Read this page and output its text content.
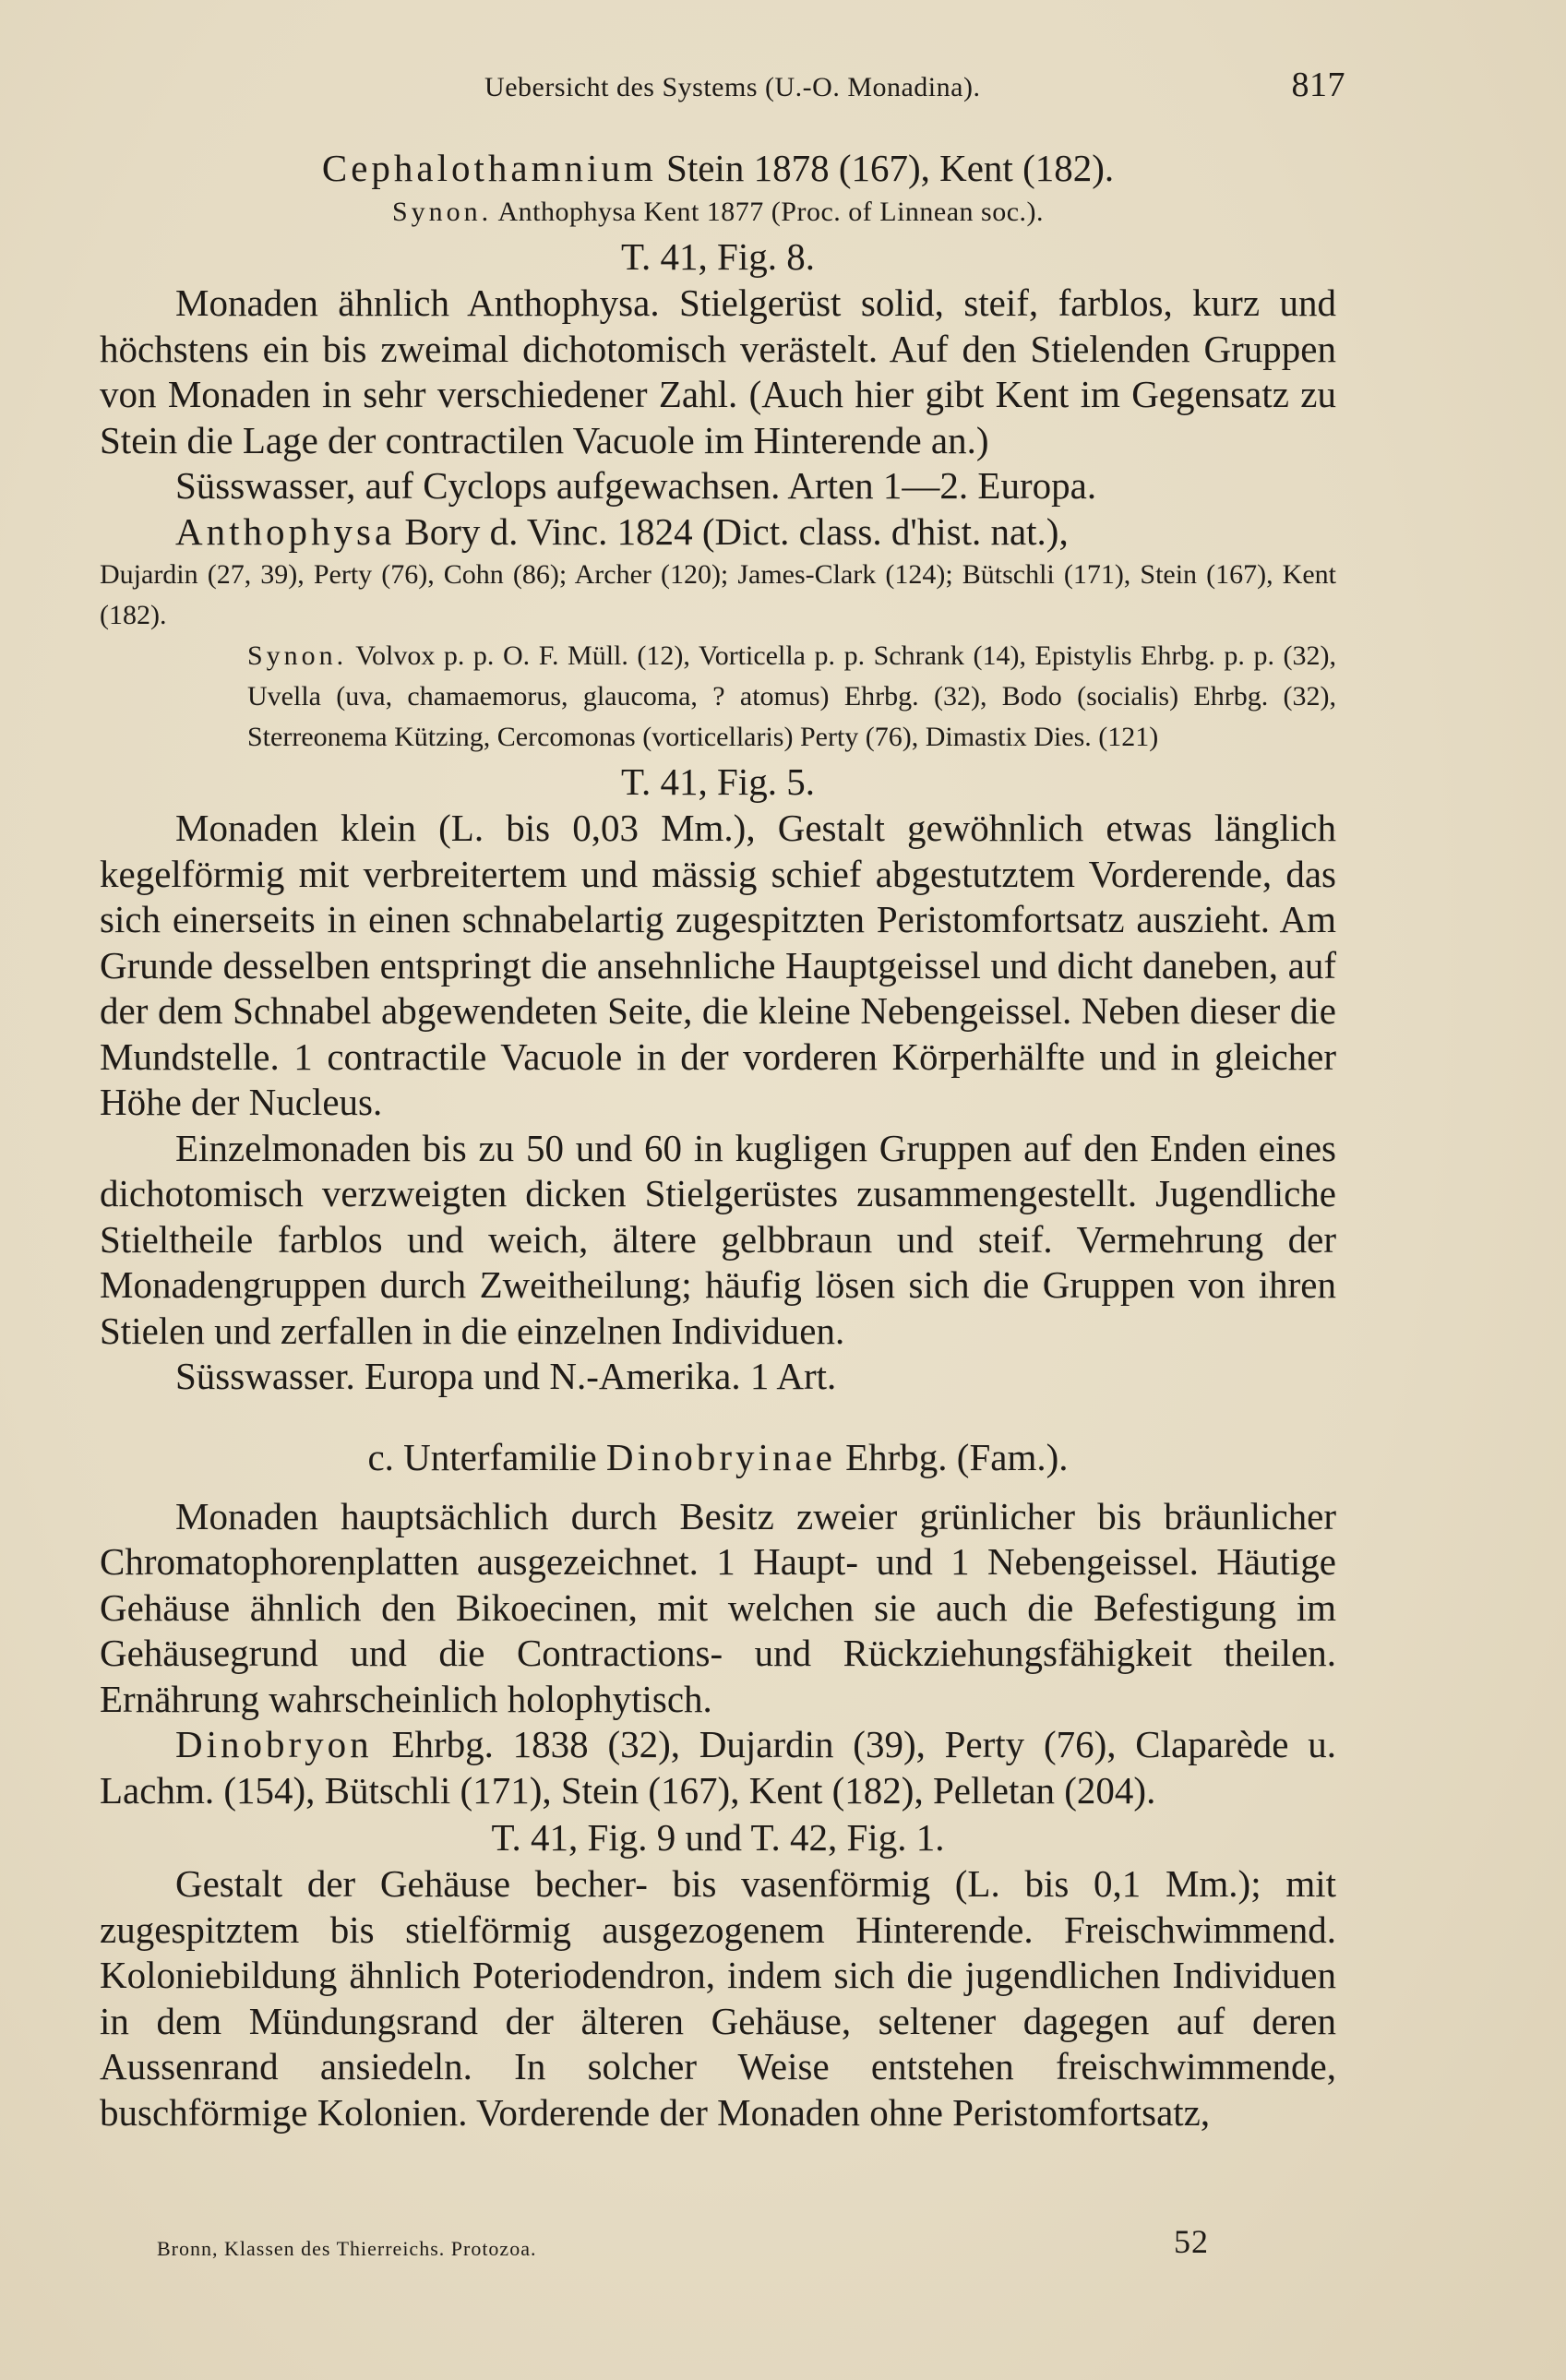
Uebersicht des Systems (U.-O. Monadina).	817
Cephalothamnium Stein 1878 (167), Kent (182).
Synon. Anthophysa Kent 1877 (Proc. of Linnean soc.).
T. 41, Fig. 8.

Monaden ähnlich Anthophysa. Stielgerüst solid, steif, farblos, kurz und höchstens ein bis zweimal dichotomisch verästelt. Auf den Stielenden Gruppen von Monaden in sehr verschiedener Zahl. (Auch hier gibt Kent im Gegensatz zu Stein die Lage der contractilen Vacuole im Hinterende an.)

Süsswasser, auf Cyclops aufgewachsen. Arten 1—2. Europa.

Anthophysa Bory d. Vinc. 1824 (Dict. class. d'hist. nat.),

Dujardin (27, 39), Perty (76), Cohn (86); Archer (120); James-Clark (124); Bütschli (171), Stein (167), Kent (182).

Synon. Volvox p. p. O. F. Müll. (12), Vorticella p. p. Schrank (14), Epistylis Ehrbg. p. p. (32), Uvella (uva, chamaemorus, glaucoma, ? atomus) Ehrbg. (32), Bodo (socialis) Ehrbg. (32), Sterreonema Kützing, Cercomonas (vorticellaris) Perty (76), Dimastix Dies. (121)

T. 41, Fig. 5.

Monaden klein (L. bis 0,03 Mm.), Gestalt gewöhnlich etwas länglich kegelförmig mit verbreitertem und mässig schief abgestutztem Vorderende, das sich einerseits in einen schnabelartig zugespitzten Peristomfortsatz auszieht. Am Grunde desselben entspringt die ansehnliche Hauptgeissel und dicht daneben, auf der dem Schnabel abgewendeten Seite, die kleine Nebengeissel. Neben dieser die Mundstelle. 1 contractile Vacuole in der vorderen Körperhälfte und in gleicher Höhe der Nucleus.

Einzelmonaden bis zu 50 und 60 in kugligen Gruppen auf den Enden eines dichotomisch verzweigten dicken Stielgerüstes zusammengestellt. Jugendliche Stieltheile farblos und weich, ältere gelbbraun und steif. Vermehrung der Monadengruppen durch Zweitheilung; häufig lösen sich die Gruppen von ihren Stielen und zerfallen in die einzelnen Individuen.

Süsswasser. Europa und N.-Amerika. 1 Art.

c. Unterfamilie Dinobryinae Ehrbg. (Fam.).

Monaden hauptsächlich durch Besitz zweier grünlicher bis bräunlicher Chromatophorenplatten ausgezeichnet. 1 Haupt- und 1 Nebengeissel. Häutige Gehäuse ähnlich den Bikoecinen, mit welchen sie auch die Befestigung im Gehäusegrund und die Contractions- und Rückziehungsfähigkeit theilen. Ernährung wahrscheinlich holophytisch.

Dinobryon Ehrbg. 1838 (32), Dujardin (39), Perty (76), Claparède u. Lachm. (154), Bütschli (171), Stein (167), Kent (182), Pelletan (204).

T. 41, Fig. 9 und T. 42, Fig. 1.

Gestalt der Gehäuse becher- bis vasenförmig (L. bis 0,1 Mm.); mit zugespitztem bis stielförmig ausgezogenem Hinterende. Freischwimmend. Koloniebildung ähnlich Poteriodendron, indem sich die jugendlichen Individuen in dem Mündungsrand der älteren Gehäuse, seltener dagegen auf deren Aussenrand ansiedeln. In solcher Weise entstehen freischwimmende, buschförmige Kolonien. Vorderende der Monaden ohne Peristomfortsatz,

Bronn, Klassen des Thierreichs. Protozoa.	52
